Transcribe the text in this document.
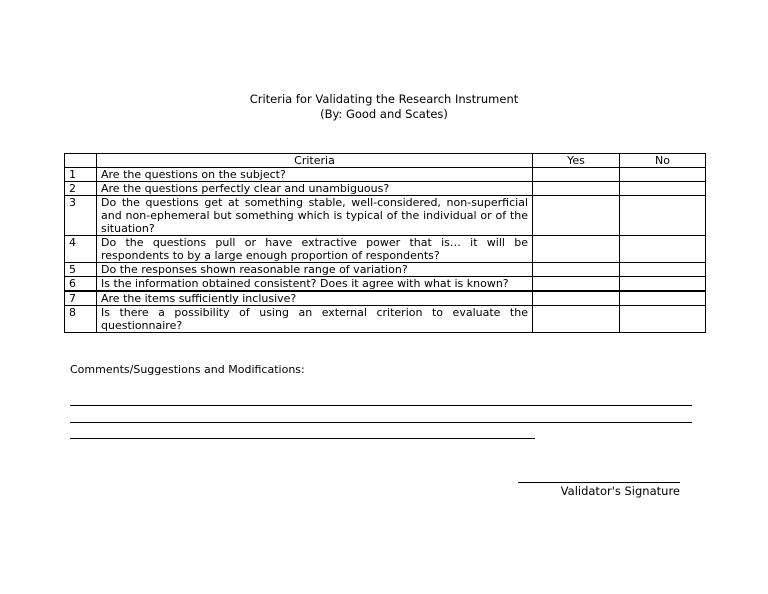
Criteria for Validating the Research Instrument
(By: Good and Scates)
	Criteria	Yes	No
1	Are the questions on the subject?		
2	Are the questions perfectly clear and unambiguous?		
3	Do the questions get at something stable, well-considered, non-superficial and non-ephemeral but something which is typical of the individual or of the situation?		
4	Do the questions pull or have extractive power that is… it will be respondents to by a large enough proportion of respondents?		
5	Do the responses shown reasonable range of variation?		
6	Is the information obtained consistent? Does it agree with what is known?		
7	Are the items sufficiently inclusive?		
8	Is there a possibility of using an external criterion to evaluate the questionnaire?		
Comments/Suggestions and Modifications:
Validator's Signature
